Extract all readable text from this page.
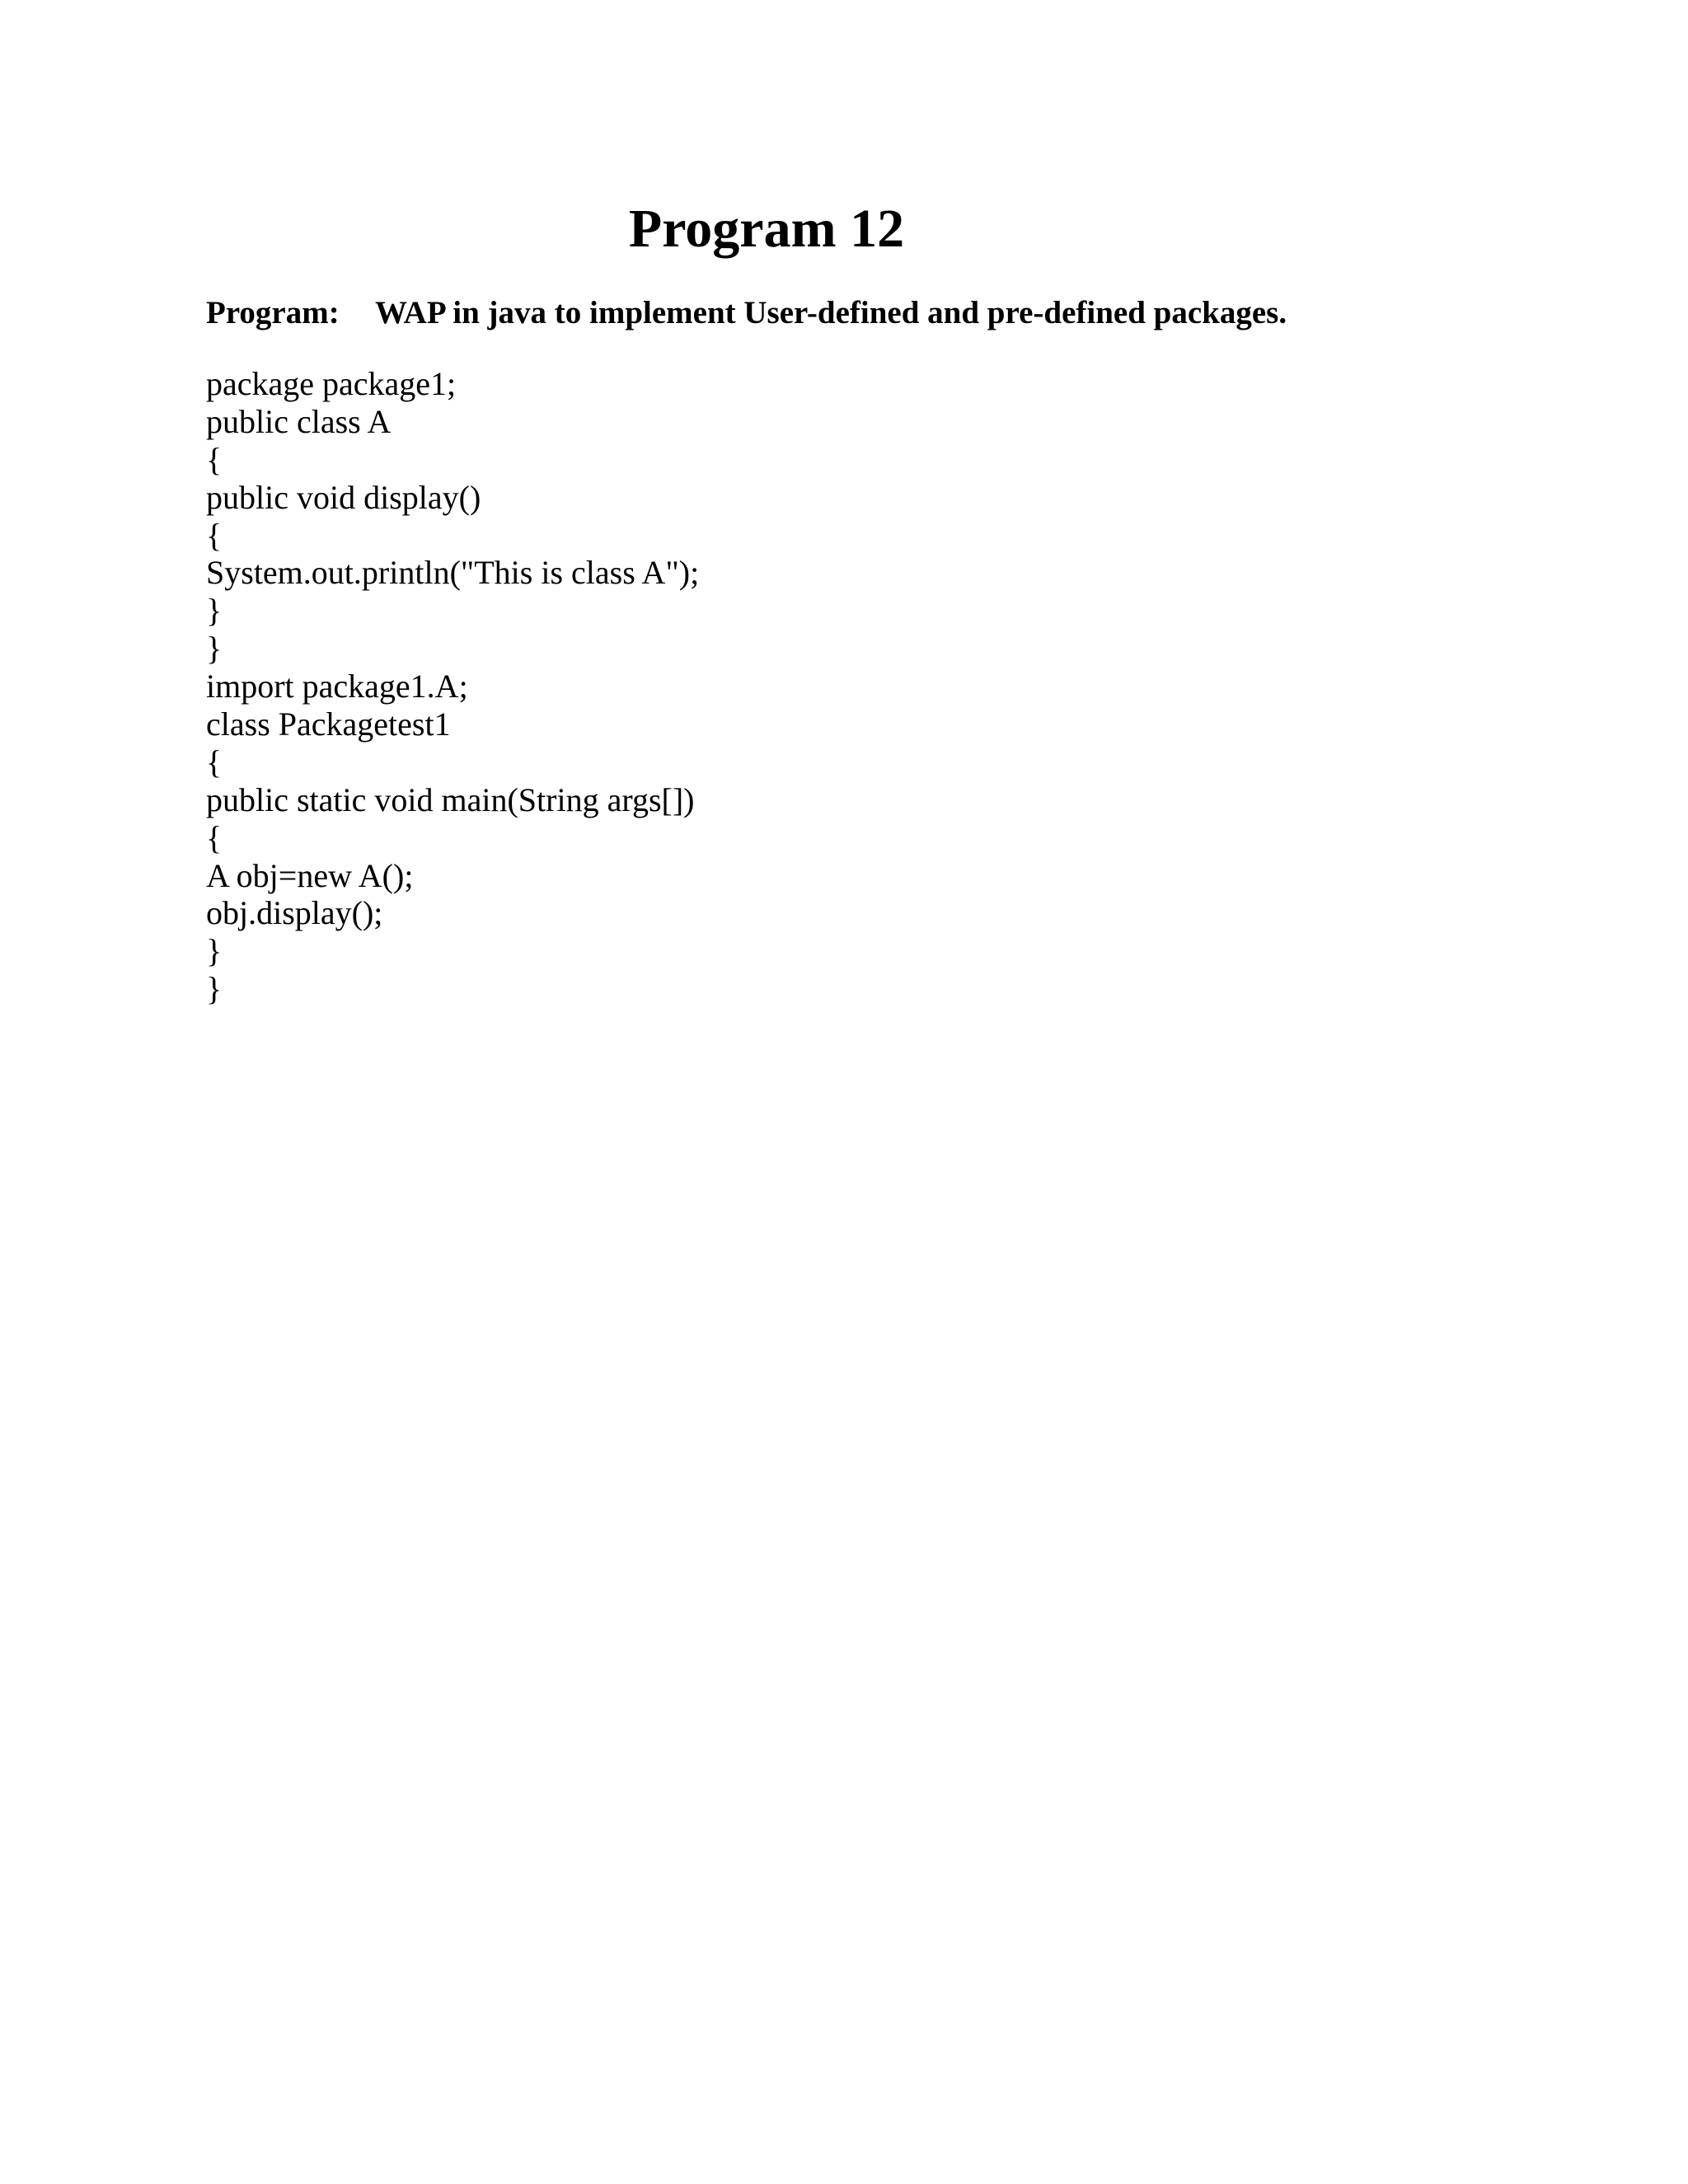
Program 12
Program: WAP in java to implement User-defined and pre-defined packages.
package package1;
public class A
{
public void display()
{
System.out.println("This is class A");
}
}
import package1.A;
class Packagetest1
{
public static void main(String args[])
{
A obj=new A();
obj.display();
}
}
